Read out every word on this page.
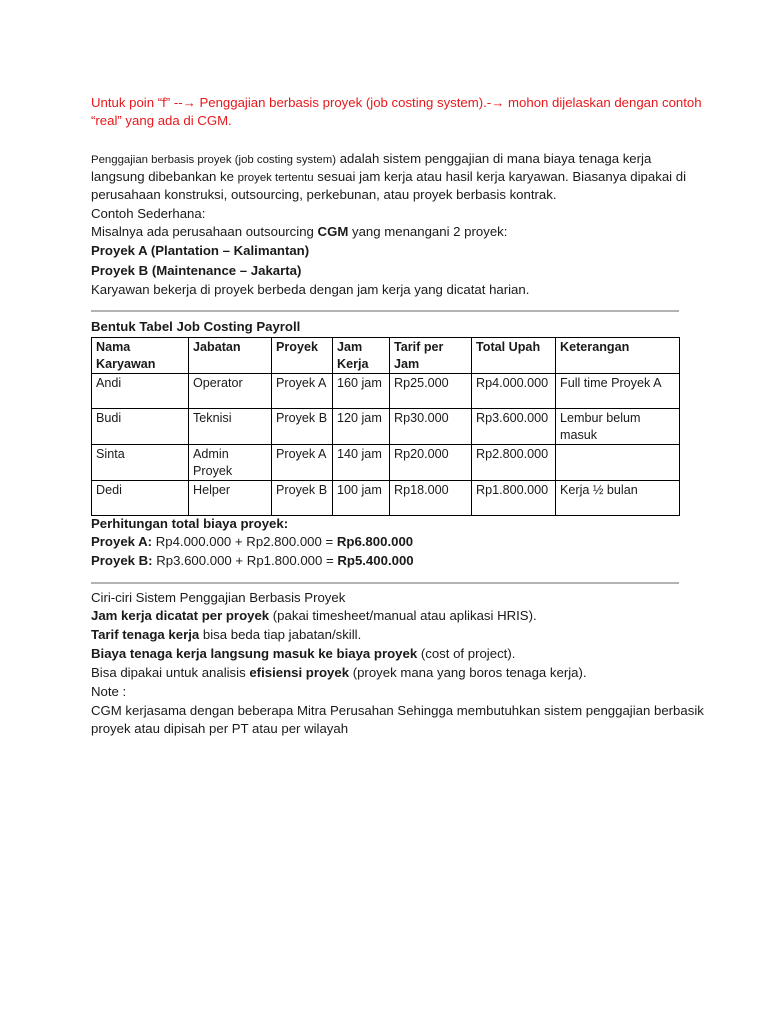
Untuk poin “f” --→ Penggajian berbasis proyek (job costing system).-→ mohon dijelaskan dengan contoh
“real” yang ada di CGM.
Penggajian berbasis proyek (job costing system) adalah sistem penggajian di mana biaya tenaga kerja
langsung dibebankan ke proyek tertentu sesuai jam kerja atau hasil kerja karyawan. Biasanya dipakai di
perusahaan konstruksi, outsourcing, perkebunan, atau proyek berbasis kontrak.
Contoh Sederhana:
Misalnya ada perusahaan outsourcing CGM yang menangani 2 proyek:
Proyek A (Plantation – Kalimantan)
Proyek B (Maintenance – Jakarta)
Karyawan bekerja di proyek berbeda dengan jam kerja yang dicatat harian.
Bentuk Tabel Job Costing Payroll
Nama Karyawan	Jabatan	Proyek	Jam Kerja	Tarif per Jam	Total Upah	Keterangan
Andi	Operator	Proyek A	160 jam	Rp25.000	Rp4.000.000	Full time Proyek A
Budi	Teknisi	Proyek B	120 jam	Rp30.000	Rp3.600.000	Lembur belum masuk
Sinta	Admin Proyek	Proyek A	140 jam	Rp20.000	Rp2.800.000	
Dedi	Helper	Proyek B	100 jam	Rp18.000	Rp1.800.000	Kerja ½ bulan
Perhitungan total biaya proyek:
Proyek A: Rp4.000.000 + Rp2.800.000 = Rp6.800.000
Proyek B: Rp3.600.000 + Rp1.800.000 = Rp5.400.000
Ciri-ciri Sistem Penggajian Berbasis Proyek
Jam kerja dicatat per proyek (pakai timesheet/manual atau aplikasi HRIS).
Tarif tenaga kerja bisa beda tiap jabatan/skill.
Biaya tenaga kerja langsung masuk ke biaya proyek (cost of project).
Bisa dipakai untuk analisis efisiensi proyek (proyek mana yang boros tenaga kerja).
Note :
CGM kerjasama dengan beberapa Mitra Perusahan Sehingga membutuhkan sistem penggajian berbasik
proyek atau dipisah per PT atau per wilayah
